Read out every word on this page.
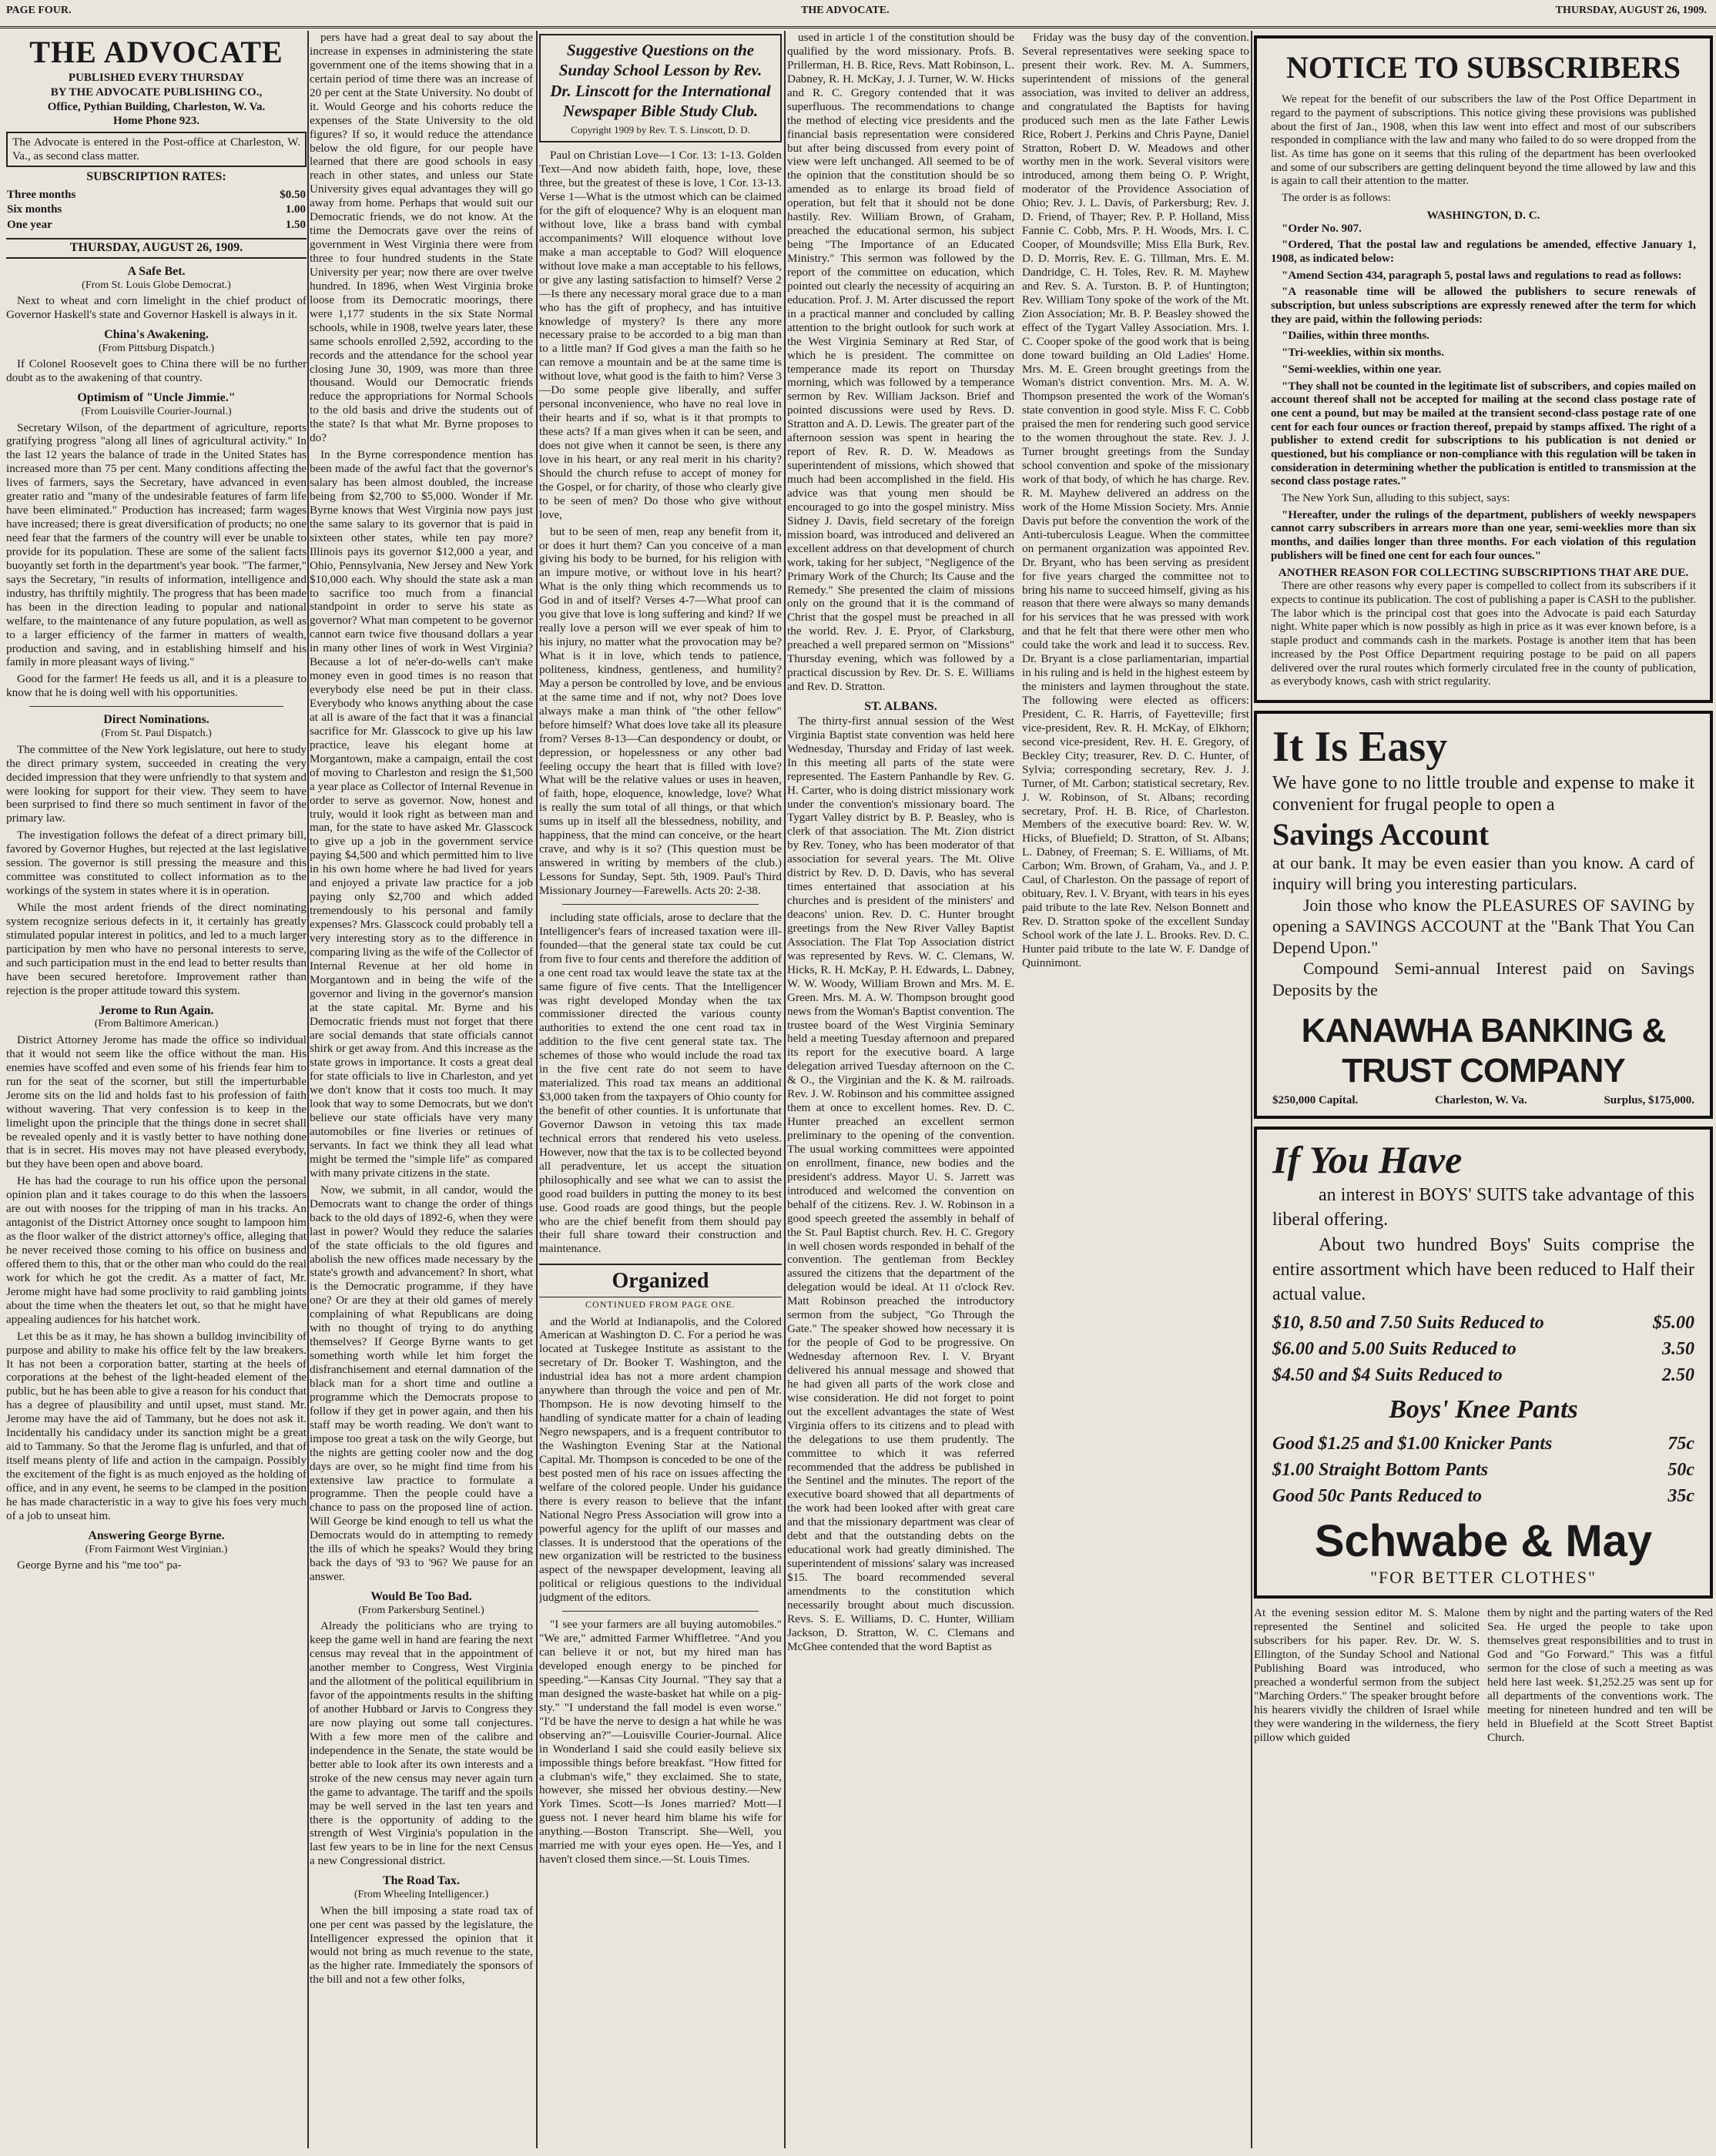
PAGE FOUR.	THE ADVOCATE.	THURSDAY, AUGUST 26, 1909.
THE ADVOCATE
PUBLISHED EVERY THURSDAY
BY THE ADVOCATE PUBLISHING CO.,
Office, Pythian Building, Charleston, W. Va.
Home Phone 923.
The Advocate is entered in the Post-office at Charleston, W. Va., as second class matter.
SUBSCRIPTION RATES:
Three months	$0.50
Six months	1.00
One year	1.50
THURSDAY, AUGUST 26, 1909.
A Safe Bet.
(From St. Louis Globe Democrat.)

Next to wheat and corn limelight in the chief product of Governor Haskell's state and Governor Haskell is always in it.

China's Awakening.
(From Pittsburg Dispatch.)

If Colonel Roosevelt goes to China there will be no further doubt as to the awakening of that country.

Optimism of "Uncle Jimmie."
(From Louisville Courier-Journal.)

Secretary Wilson, of the department of agriculture, reports gratifying progress "along all lines of agricultural activity." In the last 12 years the balance of trade in the United States has increased more than 75 per cent. Many conditions affecting the lives of farmers, says the Secretary, have advanced in even greater ratio and "many of the undesirable features of farm life have been eliminated." Production has increased; farm wages have increased; there is great diversification of products; no one need fear that the farmers of the country will ever be unable to provide for its population. These are some of the salient facts buoyantly set forth in the department's year book. "The farmer," says the Secretary, "in results of information, intelligence and industry, has thriftily mightily. The progress that has been made has been in the direction leading to popular and national welfare, to the maintenance of any future population, as well as to a larger efficiency of the farmer in matters of wealth, production and saving, and in establishing himself and his family in more pleasant ways of living."

Good for the farmer! He feeds us all, and it is a pleasure to know that he is doing well with his opportunities.

Direct Nominations.
(From St. Paul Dispatch.)

The committee of the New York legislature, out here to study the direct primary system, succeeded in creating the very decided impression that they were unfriendly to that system and were looking for support for their view. They seem to have been surprised to find there so much sentiment in favor of the primary law.

The investigation follows the defeat of a direct primary bill, favored by Governor Hughes, but rejected at the last legislative session. The governor is still pressing the measure and this committee was constituted to collect information as to the workings of the system in states where it is in operation.

While the most ardent friends of the direct nominating system recognize serious defects in it, it certainly has greatly stimulated popular interest in politics, and led to a much larger participation by men who have no personal interests to serve, and such participation must in the end lead to better results than have been secured heretofore. Improvement rather than rejection is the proper attitude toward this system.

Jerome to Run Again.
(From Baltimore American.)

District Attorney Jerome has made the office so individual that it would not seem like the office without the man. His enemies have scoffed and even some of his friends fear him to run for the seat of the scorner, but still the imperturbable Jerome sits on the lid and holds fast to his profession of faith without wavering. That very confession is to keep in the limelight upon the principle that the things done in secret shall be revealed openly and it is vastly better to have nothing done that is in secret. His moves may not have pleased everybody, but they have been open and above board.

He has had the courage to run his office upon the personal opinion plan and it takes courage to do this when the lassoers are out with nooses for the tripping of man in his tracks. An antagonist of the District Attorney once sought to lampoon him as the floor walker of the district attorney's office, alleging that he never received those coming to his office on business and offered them to this, that or the other man who could do the real work for which he got the credit. As a matter of fact, Mr. Jerome might have had some proclivity to raid gambling joints about the time when the theaters let out, so that he might have appealing audiences for his hatchet work.

Let this be as it may, he has shown a bulldog invincibility of purpose and ability to make his office felt by the law breakers. It has not been a corporation batter, starting at the heels of corporations at the behest of the light-headed element of the public, but he has been able to give a reason for his conduct that has a degree of plausibility and until upset, must stand. Mr. Jerome may have the aid of Tammany, but he does not ask it. Incidentally his candidacy under its sanction might be a great aid to Tammany. So that the Jerome flag is unfurled, and that of itself means plenty of life and action in the campaign. Possibly the excitement of the fight is as much enjoyed as the holding of office, and in any event, he seems to be clamped in the position he has made characteristic in a way to give his foes very much of a job to unseat him.

Answering George Byrne.
(From Fairmont West Virginian.)

George Byrne and his "me too" pa-

pers have had a great deal to say about the increase in expenses in administering the state government one of the items showing that in a certain period of time there was an increase of 20 per cent at the State University. No doubt of it. Would George and his cohorts reduce the expenses of the State University to the old figures? If so, it would reduce the attendance below the old figure, for our people have learned that there are good schools in easy reach in other states, and unless our State University gives equal advantages they will go away from home. Perhaps that would suit our Democratic friends, we do not know. At the time the Democrats gave over the reins of government in West Virginia there were from three to four hundred students in the State University per year; now there are over twelve hundred. In 1896, when West Virginia broke loose from its Democratic moorings, there were 1,177 students in the six State Normal schools, while in 1908, twelve years later, these same schools enrolled 2,592, according to the records and the attendance for the school year closing June 30, 1909, was more than three thousand. Would our Democratic friends reduce the appropriations for Normal Schools to the old basis and drive the students out of the state? Is that what Mr. Byrne proposes to do?

In the Byrne correspondence mention has been made of the awful fact that the governor's salary has been almost doubled, the increase being from $2,700 to $5,000. Wonder if Mr. Byrne knows that West Virginia now pays just the same salary to its governor that is paid in sixteen other states, while ten pay more? Illinois pays its governor $12,000 a year, and Ohio, Pennsylvania, New Jersey and New York $10,000 each. Why should the state ask a man to sacrifice too much from a financial standpoint in order to serve his state as governor? What man competent to be governor cannot earn twice five thousand dollars a year in many other lines of work in West Virginia? Because a lot of ne'er-do-wells can't make money even in good times is no reason that everybody else need be put in their class. Everybody who knows anything about the case at all is aware of the fact that it was a financial sacrifice for Mr. Glasscock to give up his law practice, leave his elegant home at Morgantown, make a campaign, entail the cost of moving to Charleston and resign the $1,500 a year place as Collector of Internal Revenue in order to serve as governor. Now, honest and truly, would it look right as between man and man, for the state to have asked Mr. Glasscock to give up a job in the government service paying $4,500 and which permitted him to live in his own home where he had lived for years and enjoyed a private law practice for a job paying only $2,700 and which added tremendously to his personal and family expenses? Mrs. Glasscock could probably tell a very interesting story as to the difference in comparing living as the wife of the Collector of Internal Revenue at her old home in Morgantown and in being the wife of the governor and living in the governor's mansion at the state capital. Mr. Byrne and his Democratic friends must not forget that there are social demands that state officials cannot shirk or get away from. And this increase as the state grows in importance. It costs a great deal for state officials to live in Charleston, and yet we don't know that it costs too much. It may look that way to some Democrats, but we don't believe our state officials have very many automobiles or fine liveries or retinues of servants. In fact we think they all lead what might be termed the "simple life" as compared with many private citizens in the state.

Now, we submit, in all candor, would the Democrats want to change the order of things back to the old days of 1892-6, when they were last in power? Would they reduce the salaries of the state officials to the old figures and abolish the new offices made necessary by the state's growth and advancement? In short, what is the Democratic programme, if they have one? Or are they at their old games of merely complaining of what Republicans are doing with no thought of trying to do anything themselves? If George Byrne wants to get something worth while let him forget the disfranchisement and eternal damnation of the black man for a short time and outline a programme which the Democrats propose to follow if they get in power again, and then his staff may be worth reading. We don't want to impose too great a task on the wily George, but the nights are getting cooler now and the dog days are over, so he might find time from his extensive law practice to formulate a programme. Then the people could have a chance to pass on the proposed line of action. Will George be kind enough to tell us what the Democrats would do in attempting to remedy the ills of which he speaks? Would they bring back the days of '93 to '96? We pause for an answer.

Would Be Too Bad.
(From Parkersburg Sentinel.)

Already the politicians who are trying to keep the game well in hand are fearing the next census may reveal that in the appointment of another member to Congress, West Virginia and the allotment of the political equilibrium in favor of the appointments results in the shifting of another Hubbard or Jarvis to Congress they are now playing out some tall conjectures. With a few more men of the calibre and independence in the Senate, the state would be better able to look after its own interests and a stroke of the new census may never again turn the game to advantage. The tariff and the spoils may be well served in the last ten years and there is the opportunity of adding to the strength of West Virginia's population in the last few years to be in line for the next Census a new Congressional district.

The Road Tax.
(From Wheeling Intelligencer.)

When the bill imposing a state road tax of one per cent was passed by the legislature, the Intelligencer expressed the opinion that it would not bring as much revenue to the state, as the higher rate. Immediately the sponsors of the bill and not a few other folks,

Suggestive Questions on the Sunday School Lesson by Rev. Dr. Linscott for the International Newspaper Bible Study Club.
Copyright 1909 by Rev. T. S. Linscott, D. D.

Paul on Christian Love—1 Cor. 13: 1-13. Golden Text—And now abideth faith, hope, love, these three, but the greatest of these is love, 1 Cor. 13-13. Verse 1—What is the utmost which can be claimed for the gift of eloquence? Why is an eloquent man without love, like a brass band with cymbal accompaniments? Will eloquence without love make a man acceptable to God? Will eloquence without love make a man acceptable to his fellows, or give any lasting satisfaction to himself? Verse 2—Is there any necessary moral grace due to a man who has the gift of prophecy, and has intuitive knowledge of mystery? Is there any more necessary praise to be accorded to a big man than to a little man? If God gives a man the faith so he can remove a mountain and be at the same time is without love, what good is the faith to him? Verse 3—Do some people give liberally, and suffer personal inconvenience, who have no real love in their hearts and if so, what is it that prompts to these acts? If a man gives when it can be seen, and does not give when it cannot be seen, is there any love in his heart, or any real merit in his charity? Should the church refuse to accept of money for the Gospel, or for charity, of those who clearly give to be seen of men? Do those who give without love,

but to be seen of men, reap any benefit from it, or does it hurt them? Can you conceive of a man giving his body to be burned, for his religion with an impure motive, or without love in his heart? What is the only thing which recommends us to God in and of itself? Verses 4-7—What proof can you give that love is long suffering and kind? If we really love a person will we ever speak of him to his injury, no matter what the provocation may be? What is it in love, which tends to patience, politeness, kindness, gentleness, and humility? May a person be controlled by love, and be envious at the same time and if not, why not? Does love always make a man think of "the other fellow" before himself? What does love take all its pleasure from? Verses 8-13—Can despondency or doubt, or depression, or hopelessness or any other bad feeling occupy the heart that is filled with love? What will be the relative values or uses in heaven, of faith, hope, eloquence, knowledge, love? What is really the sum total of all things, or that which sums up in itself all the blessedness, nobility, and happiness, that the mind can conceive, or the heart crave, and why is it so? (This question must be answered in writing by members of the club.) Lessons for Sunday, Sept. 5th, 1909. Paul's Third Missionary Journey—Farewells. Acts 20: 2-38.

including state officials, arose to declare that the Intelligencer's fears of increased taxation were ill-founded—that the general state tax could be cut from five to four cents and therefore the addition of a one cent road tax would leave the state tax at the same figure of five cents. That the Intelligencer was right developed Monday when the tax commissioner directed the various county authorities to extend the one cent road tax in addition to the five cent general state tax. The schemes of those who would include the road tax in the five cent rate do not seem to have materialized. This road tax means an additional $3,000 taken from the taxpayers of Ohio county for the benefit of other counties. It is unfortunate that Governor Dawson in vetoing this tax made technical errors that rendered his veto useless. However, now that the tax is to be collected beyond all peradventure, let us accept the situation philosophically and see what we can to assist the good road builders in putting the money to its best use. Good roads are good things, but the people who are the chief benefit from them should pay their full share toward their construction and maintenance.

Organized
CONTINUED FROM PAGE ONE.

and the World at Indianapolis, and the Colored American at Washington D. C. For a period he was located at Tuskegee Institute as assistant to the secretary of Dr. Booker T. Washington, and the industrial idea has not a more ardent champion anywhere than through the voice and pen of Mr. Thompson. He is now devoting himself to the handling of syndicate matter for a chain of leading Negro newspapers, and is a frequent contributor to the Washington Evening Star at the National Capital. Mr. Thompson is conceded to be one of the best posted men of his race on issues affecting the welfare of the colored people. Under his guidance there is every reason to believe that the infant National Negro Press Association will grow into a powerful agency for the uplift of our masses and classes. It is understood that the operations of the new organization will be restricted to the business aspect of the newspaper development, leaving all political or religious questions to the individual judgment of the editors.

"I see your farmers are all buying automobiles." "We are," admitted Farmer Whiffletree. "And you can believe it or not, but my hired man has developed enough energy to be pinched for speeding."—Kansas City Journal. "They say that a man designed the waste-basket hat while on a pig-sty." "I understand the fall model is even worse." "I'd be have the nerve to design a hat while he was observing an?"—Louisville Courier-Journal. Alice in Wonderland I said she could easily believe six impossible things before breakfast. "How fitted for a clubman's wife," they exclaimed. She to state, however, she missed her obvious destiny.—New York Times. Scott—Is Jones married? Mott—I guess not. I never heard him blame his wife for anything.—Boston Transcript. She—Well, you married me with your eyes open. He—Yes, and I haven't closed them since.—St. Louis Times.

used in article 1 of the constitution should be qualified by the word missionary. Profs. B. Prillerman, H. B. Rice, Revs. Matt Robinson, L. Dabney, R. H. McKay, J. J. Turner, W. W. Hicks and R. C. Gregory contended that it was superfluous. The recommendations to change the method of electing vice presidents and the financial basis representation were considered but after being discussed from every point of view were left unchanged. All seemed to be of the opinion that the constitution should be so amended as to enlarge its broad field of operation, but felt that it should not be done hastily. Rev. William Brown, of Graham, preached the educational sermon, his subject being "The Importance of an Educated Ministry." This sermon was followed by the report of the committee on education, which pointed out clearly the necessity of acquiring an education. Prof. J. M. Arter discussed the report in a practical manner and concluded by calling attention to the bright outlook for such work at the West Virginia Seminary at Red Star, of which he is president. The committee on temperance made its report on Thursday morning, which was followed by a temperance sermon by Rev. William Jackson. Brief and pointed discussions were used by Revs. D. Stratton and A. D. Lewis. The greater part of the afternoon session was spent in hearing the report of Rev. R. D. W. Meadows as superintendent of missions, which showed that much had been accomplished in the field. His advice was that young men should be encouraged to go into the gospel ministry. Miss Sidney J. Davis, field secretary of the foreign mission board, was introduced and delivered an excellent address on that development of church work, taking for her subject, "Negligence of the Primary Work of the Church; Its Cause and the Remedy." She presented the claim of missions only on the ground that it is the command of Christ that the gospel must be preached in all the world. Rev. J. E. Pryor, of Clarksburg, preached a well prepared sermon on "Missions" Thursday evening, which was followed by a practical discussion by Rev. Dr. S. E. Williams and Rev. D. Stratton.

ST. ALBANS.

The thirty-first annual session of the West Virginia Baptist state convention was held here Wednesday, Thursday and Friday of last week. In this meeting all parts of the state were represented. The Eastern Panhandle by Rev. G. H. Carter, who is doing district missionary work under the convention's missionary board. The Tygart Valley district by B. P. Beasley, who is clerk of that association. The Mt. Zion district by Rev. Toney, who has been moderator of that association for several years. The Mt. Olive district by Rev. D. D. Davis, who has several times entertained that association at his churches and is president of the ministers' and deacons' union. Rev. D. C. Hunter brought greetings from the New River Valley Baptist Association. The Flat Top Association district was represented by Revs. W. C. Clemans, W. Hicks, R. H. McKay, P. H. Edwards, L. Dabney, W. W. Woody, William Brown and Mrs. M. E. Green. Mrs. M. A. W. Thompson brought good news from the Woman's Baptist convention. The trustee board of the West Virginia Seminary held a meeting Tuesday afternoon and prepared its report for the executive board. A large delegation arrived Tuesday afternoon on the C. & O., the Virginian and the K. & M. railroads. Rev. J. W. Robinson and his committee assigned them at once to excellent homes. Rev. D. C. Hunter preached an excellent sermon preliminary to the opening of the convention. The usual working committees were appointed on enrollment, finance, new bodies and the president's address. Mayor U. S. Jarrett was introduced and welcomed the convention on behalf of the citizens. Rev. J. W. Robinson in a good speech greeted the assembly in behalf of the St. Paul Baptist church. Rev. H. C. Gregory in well chosen words responded in behalf of the convention. The gentleman from Beckley assured the citizens that the department of the delegation would be ideal. At 11 o'clock Rev. Matt Robinson preached the introductory sermon from the subject, "Go Through the Gate." The speaker showed how necessary it is for the people of God to be progressive. On Wednesday afternoon Rev. I. V. Bryant delivered his annual message and showed that he had given all parts of the work close and wise consideration. He did not forget to point out the excellent advantages the state of West Virginia offers to its citizens and to plead with the delegations to use them prudently. The committee to which it was referred recommended that the address be published in the Sentinel and the minutes. The report of the executive board showed that all departments of the work had been looked after with great care and that the missionary department was clear of debt and that the outstanding debts on the educational work had greatly diminished. The superintendent of missions' salary was increased $15. The board recommended several amendments to the constitution which necessarily brought about much discussion. Revs. S. E. Williams, D. C. Hunter, William Jackson, D. Stratton, W. C. Clemans and McGhee contended that the word Baptist as

Friday was the busy day of the convention. Several representatives were seeking space to present their work. Rev. M. A. Summers, superintendent of missions of the general association, was invited to deliver an address, and congratulated the Baptists for having produced such men as the late Father Lewis Rice, Robert J. Perkins and Chris Payne, Daniel Stratton, Robert D. W. Meadows and other worthy men in the work. Several visitors were introduced, among them being O. P. Wright, moderator of the Providence Association of Ohio; Rev. J. L. Davis, of Parkersburg; Rev. J. D. Friend, of Thayer; Rev. P. P. Holland, Miss Fannie C. Cobb, Mrs. P. H. Woods, Mrs. I. C. Cooper, of Moundsville; Miss Ella Burk, Rev. D. D. Morris, Rev. E. G. Tillman, Mrs. E. M. Dandridge, C. H. Toles, Rev. R. M. Mayhew and Rev. S. A. Turston. B. P. of Huntington; Rev. William Tony spoke of the work of the Mt. Zion Association; Mr. B. P. Beasley showed the effect of the Tygart Valley Association. Mrs. I. C. Cooper spoke of the good work that is being done toward building an Old Ladies' Home. Mrs. M. E. Green brought greetings from the Woman's district convention. Mrs. M. A. W. Thompson presented the work of the Woman's state convention in good style. Miss F. C. Cobb praised the men for rendering such good service to the women throughout the state. Rev. J. J. Turner brought greetings from the Sunday school convention and spoke of the missionary work of that body, of which he has charge. Rev. R. M. Mayhew delivered an address on the work of the Home Mission Society. Mrs. Annie Davis put before the convention the work of the Anti-tuberculosis League. When the committee on permanent organization was appointed Rev. Dr. Bryant, who has been serving as president for five years charged the committee not to bring his name to succeed himself, giving as his reason that there were always so many demands for his services that he was pressed with work and that he felt that there were other men who could take the work and lead it to success. Rev. Dr. Bryant is a close parliamentarian, impartial in his ruling and is held in the highest esteem by the ministers and laymen throughout the state. The following were elected as officers: President, C. R. Harris, of Fayetteville; first vice-president, Rev. R. H. McKay, of Elkhorn; second vice-president, Rev. H. E. Gregory, of Beckley City; treasurer, Rev. D. C. Hunter, of Sylvia; corresponding secretary, Rev. J. J. Turner, of Mt. Carbon; statistical secretary, Rev. J. W. Robinson, of St. Albans; recording secretary, Prof. H. B. Rice, of Charleston. Members of the executive board: Rev. W. W. Hicks, of Bluefield; D. Stratton, of St. Albans; L. Dabney, of Freeman; S. E. Williams, of Mt. Carbon; Wm. Brown, of Graham, Va., and J. P. Caul, of Charleston. On the passage of report of obituary, Rev. I. V. Bryant, with tears in his eyes paid tribute to the late Rev. Nelson Bonnett and Rev. D. Stratton spoke of the excellent Sunday School work of the late J. L. Brooks. Rev. D. C. Hunter paid tribute to the late W. F. Dandge of Quinnimont.

NOTICE TO SUBSCRIBERS

We repeat for the benefit of our subscribers the law of the Post Office Department in regard to the payment of subscriptions. This notice giving these provisions was published about the first of Jan., 1908, when this law went into effect and most of our subscribers responded in compliance with the law and many who failed to do so were dropped from the list. As time has gone on it seems that this ruling of the department has been overlooked and some of our subscribers are getting delinquent beyond the time allowed by law and this is again to call their attention to the matter.

The order is as follows:

WASHINGTON, D. C.

"Order No. 907.

"Ordered, That the postal law and regulations be amended, effective January 1, 1908, as indicated below:

"Amend Section 434, paragraph 5, postal laws and regulations to read as follows:

"A reasonable time will be allowed the publishers to secure renewals of subscription, but unless subscriptions are expressly renewed after the term for which they are paid, within the following periods:

"Dailies, within three months.

"Tri-weeklies, within six months.

"Semi-weeklies, within one year.

"They shall not be counted in the legitimate list of subscribers, and copies mailed on account thereof shall not be accepted for mailing at the second class postage rate of one cent a pound, but may be mailed at the transient second-class postage rate of one cent for each four ounces or fraction thereof, prepaid by stamps affixed. The right of a publisher to extend credit for subscriptions to his publication is not denied or questioned, but his compliance or non-compliance with this regulation will be taken in consideration in determining whether the publication is entitled to transmission at the second class postage rates."

The New York Sun, alluding to this subject, says:

"Hereafter, under the rulings of the department, publishers of weekly newspapers cannot carry subscribers in arrears more than one year, semi-weeklies more than six months, and dailies longer than three months. For each violation of this regulation publishers will be fined one cent for each four ounces."

ANOTHER REASON FOR COLLECTING SUBSCRIPTIONS THAT ARE DUE.

There are other reasons why every paper is compelled to collect from its subscribers if it expects to continue its publication. The cost of publishing a paper is CASH to the publisher. The labor which is the principal cost that goes into the Advocate is paid each Saturday night. White paper which is now possibly as high in price as it was ever known before, is a staple product and commands cash in the markets. Postage is another item that has been increased by the Post Office Department requiring postage to be paid on all papers delivered over the rural routes which formerly circulated free in the county of publication, as everybody knows, cash with strict regularity.

It Is Easy
We have gone to no little trouble and expense to make it convenient for frugal people to open a
Savings Account
at our bank. It may be even easier than you know. A card of inquiry will bring you interesting particulars.
Join those who know the PLEASURES OF SAVING by opening a SAVINGS ACCOUNT at the "Bank That You Can Depend Upon."
Compound Semi-annual Interest paid on Savings Deposits by the
KANAWHA BANKING & TRUST COMPANY
$250,000 Capital.	Charleston, W. Va.	Surplus, $175,000.
If You Have
an interest in BOYS' SUITS take advantage of this liberal offering.
About two hundred Boys' Suits comprise the entire assortment which have been reduced to Half their actual value.
$10, 8.50 and 7.50 Suits Reduced to	$5.00
$6.00 and 5.00 Suits Reduced to	3.50
$4.50 and $4 Suits Reduced to	2.50
Boys' Knee Pants
Good $1.25 and $1.00 Knicker Pants	75c
$1.00 Straight Bottom Pants	50c
Good 50c Pants Reduced to	35c
Schwabe & May
"FOR BETTER CLOTHES"
At the evening session editor M. S. Malone represented the Sentinel and solicited subscribers for his paper. Rev. Dr. W. S. Ellington, of the Sunday School and National Publishing Board was introduced, who preached a wonderful sermon from the subject "Marching Orders." The speaker brought before his hearers vividly the children of Israel while they were wandering in the wilderness, the fiery pillow which guided
them by night and the parting waters of the Red Sea. He urged the people to take upon themselves great responsibilities and to trust in God and "Go Forward." This was a fitful sermon for the close of such a meeting as was held here last week. $1,252.25 was sent up for all departments of the conventions work. The meeting for nineteen hundred and ten will be held in Bluefield at the Scott Street Baptist Church.
